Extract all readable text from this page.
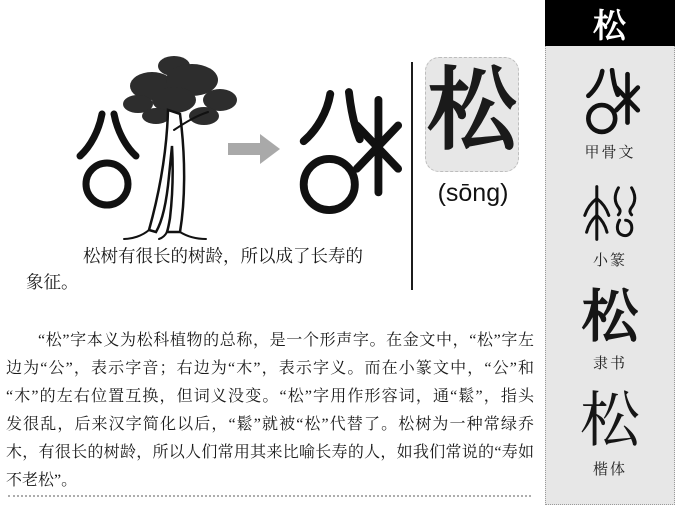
松
(sōng)
松树有很长的树龄，所以成了长寿的
象征。
“松”字本义为松科植物的总称，是一个形声字。在金文中，“松”字左
边为“公”，表示字音；右边为“木”，表示字义。而在小篆文中，“公”和
“木”的左右位置互换，但词义没变。“松”字用作形容词，通“鬆”，指头
发很乱，后来汉字简化以后，“鬆”就被“松”代替了。松树为一种常绿乔
木，有很长的树龄，所以人们常用其来比喻长寿的人，如我们常说的“寿如
不老松”。
松
甲骨文
小篆
松
隶书
松
楷体
